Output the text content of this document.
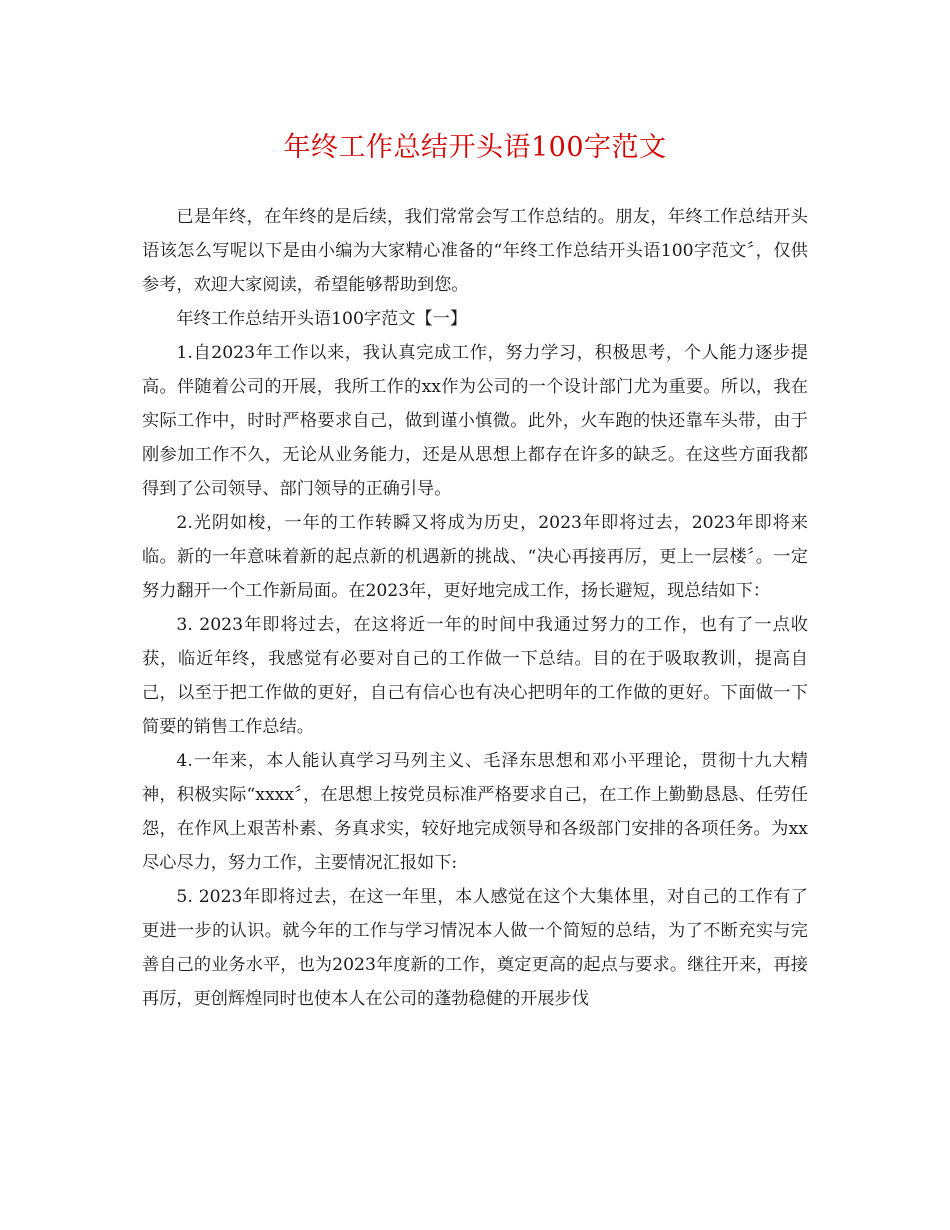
年终工作总结开头语100字范文

已是年终，在年终的是后续，我们常常会写工作总结的。朋友，年终工作总结开头语该怎么写呢以下是由小编为大家精心准备的“年终工作总结开头语100字范文〞，仅供参考，欢迎大家阅读，希望能够帮助到您。

年终工作总结开头语100字范文【一】

1.自2023年工作以来，我认真完成工作，努力学习，积极思考，个人能力逐步提高。伴随着公司的开展，我所工作的xx作为公司的一个设计部门尤为重要。所以，我在实际工作中，时时严格要求自己，做到谨小慎微。此外，火车跑的快还靠车头带，由于刚参加工作不久，无论从业务能力，还是从思想上都存在许多的缺乏。在这些方面我都得到了公司领导、部门领导的正确引导。

2.光阴如梭，一年的工作转瞬又将成为历史，2023年即将过去，2023年即将来临。新的一年意味着新的起点新的机遇新的挑战、“决心再接再厉，更上一层楼〞。一定努力翻开一个工作新局面。在2023年，更好地完成工作，扬长避短，现总结如下：

3. 2023年即将过去，在这将近一年的时间中我通过努力的工作，也有了一点收获，临近年终，我感觉有必要对自己的工作做一下总结。目的在于吸取教训，提高自己，以至于把工作做的更好，自己有信心也有决心把明年的工作做的更好。下面做一下简要的销售工作总结。

4.一年来，本人能认真学习马列主义、毛泽东思想和邓小平理论，贯彻十九大精神，积极实际“xxxx〞，在思想上按党员标准严格要求自己，在工作上勤勤恳恳、任劳任怨，在作风上艰苦朴素、务真求实，较好地完成领导和各级部门安排的各项任务。为xx尽心尽力，努力工作，主要情况汇报如下:

5. 2023年即将过去，在这一年里，本人感觉在这个大集体里，对自己的工作有了更进一步的认识。就今年的工作与学习情况本人做一个简短的总结，为了不断充实与完善自己的业务水平，也为2023年度新的工作，奠定更高的起点与要求。继往开来，再接再厉，更创辉煌同时也使本人在公司的蓬勃稳健的开展步伐
